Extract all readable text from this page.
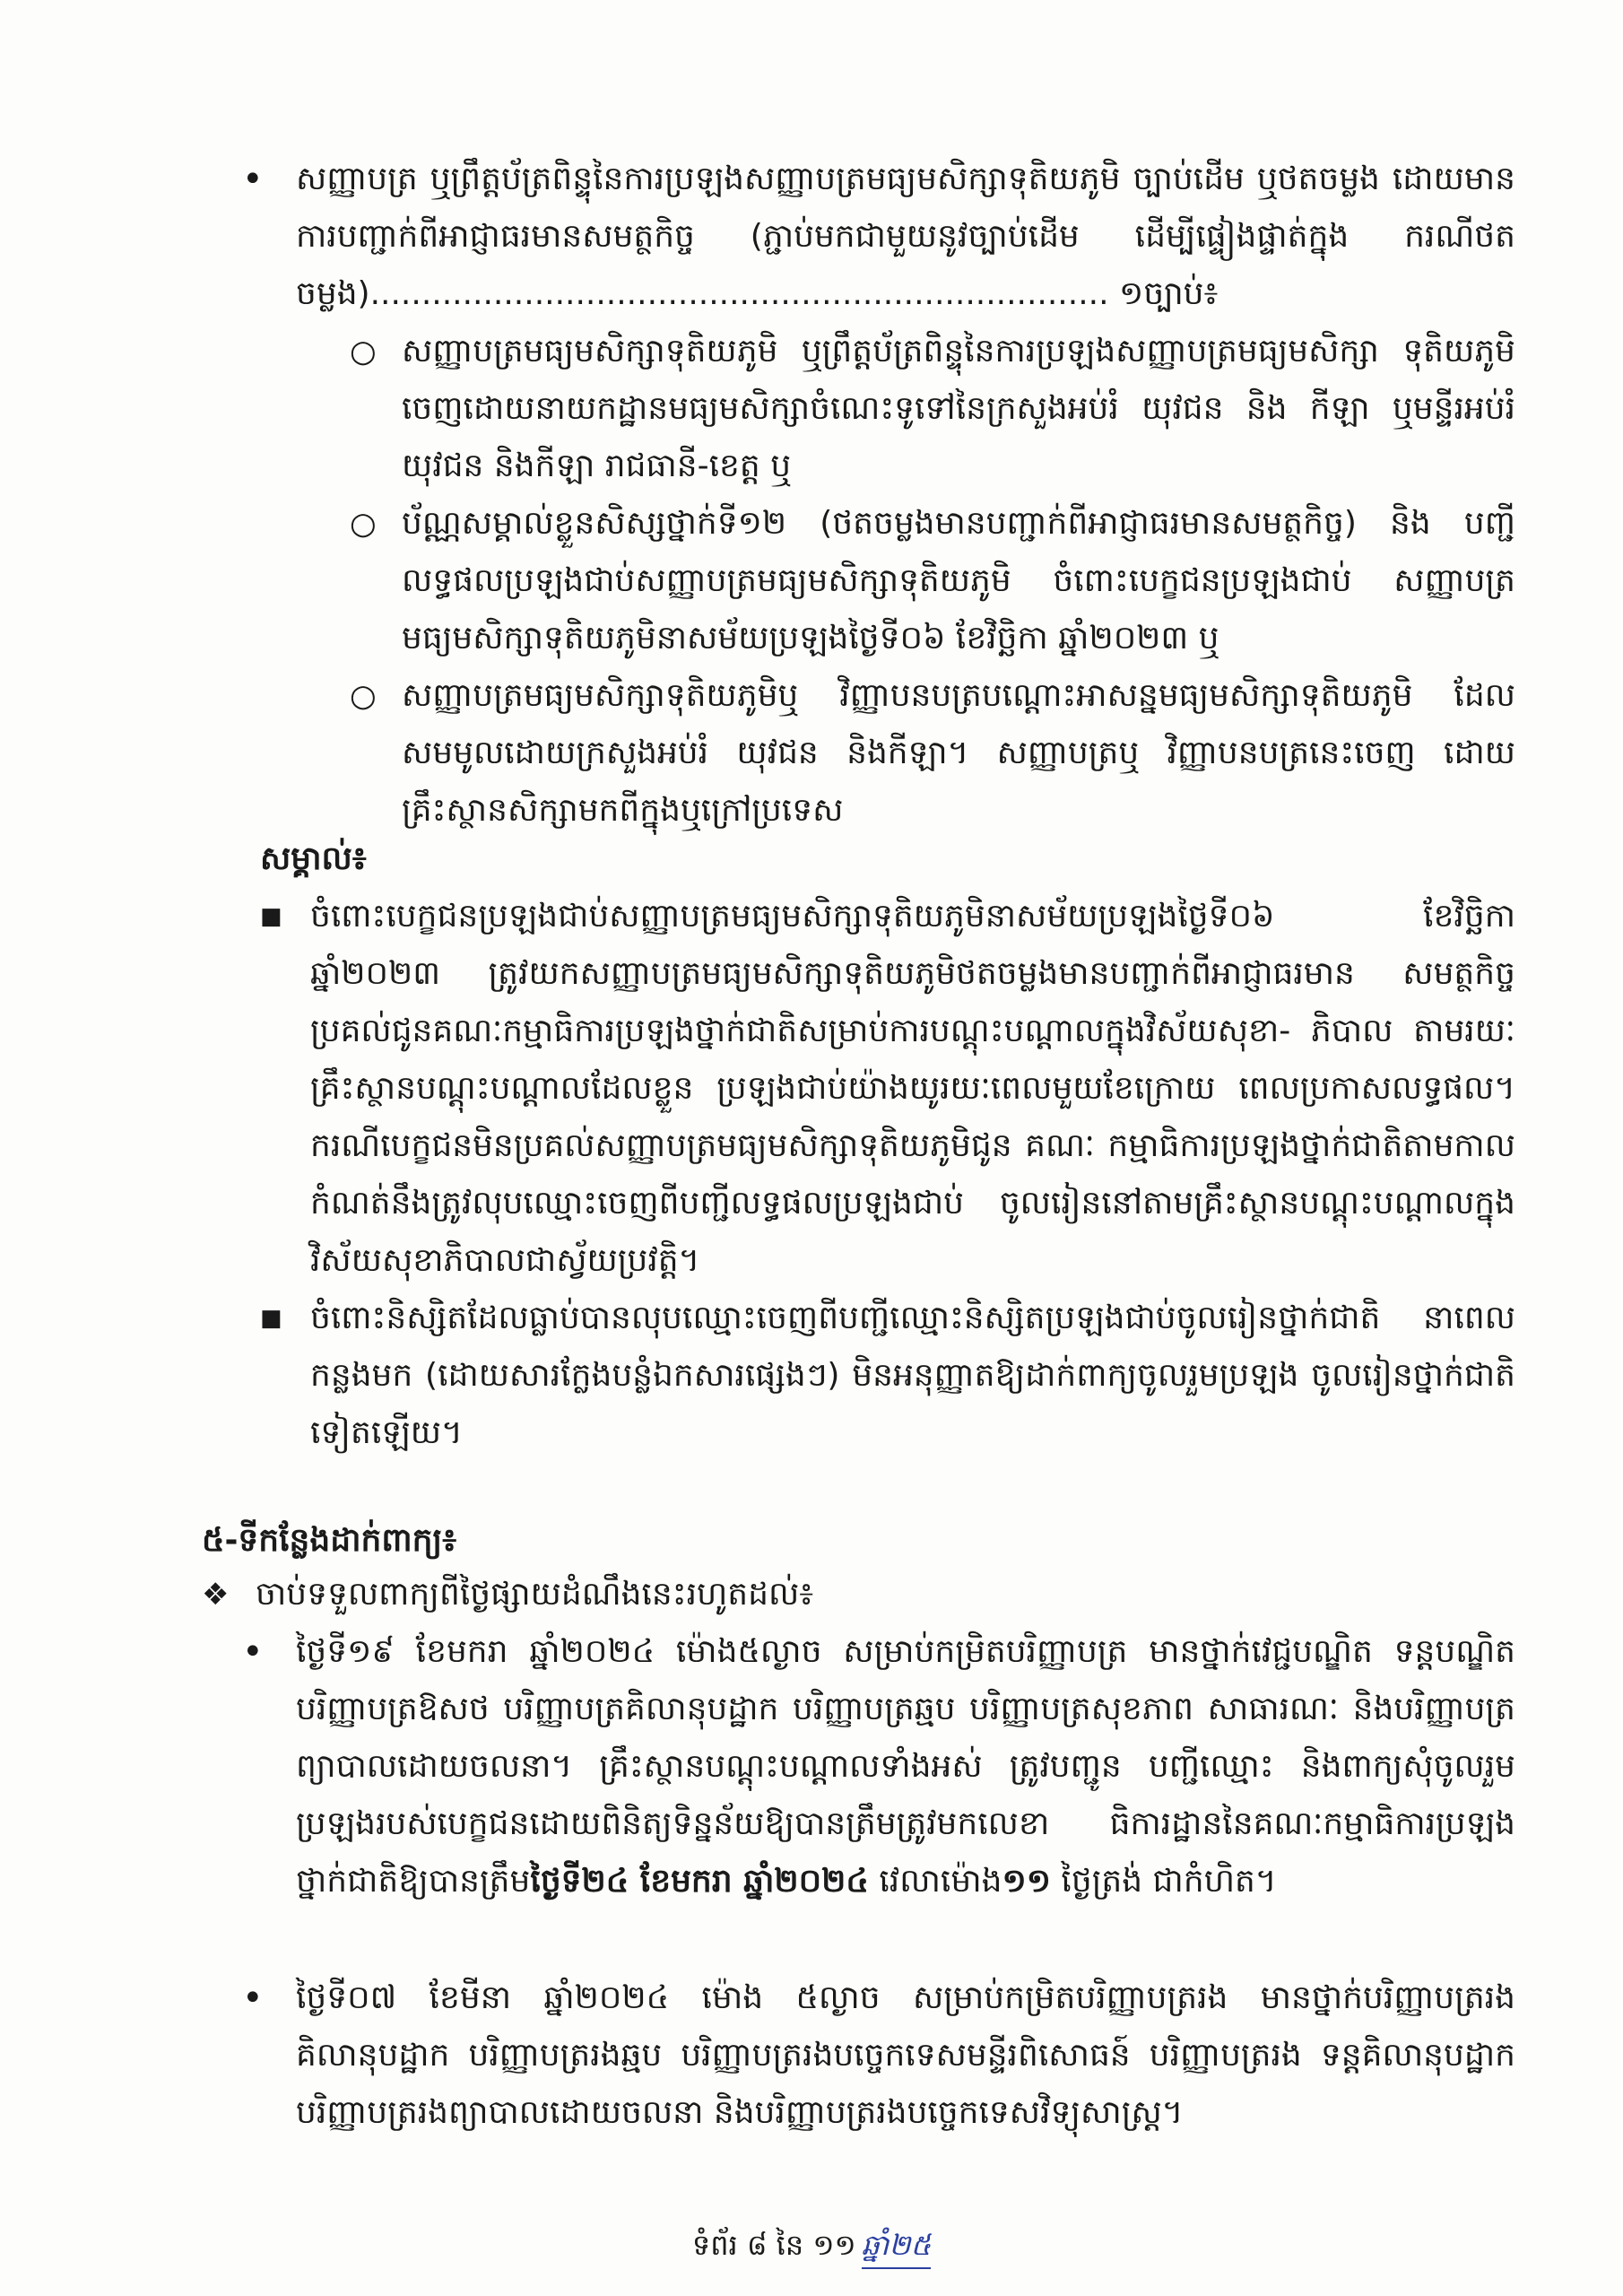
•	សញ្ញាបត្រ ឬព្រឹត្តប័ត្រពិន្ទុនៃការប្រឡងសញ្ញាបត្រមធ្យមសិក្សាទុតិយភូមិ ច្បាប់ដើម ឬថតចម្លង ដោយមានការបញ្ជាក់ពីអាជ្ញាធរមានសមត្ថកិច្ច (ភ្ជាប់មកជាមួយនូវច្បាប់ដើម ដើម្បីផ្ទៀងផ្ទាត់ក្នុង ករណីថតចម្លង)........................................................................ ១ច្បាប់៖
○ សញ្ញាបត្រមធ្យមសិក្សាទុតិយភូមិ ឬព្រឹត្តប័ត្រពិន្ទុនៃការប្រឡងសញ្ញាបត្រមធ្យមសិក្សា ទុតិយភូមិ ចេញដោយនាយកដ្ឋានមធ្យមសិក្សាចំណេះទូទៅនៃក្រសួងអប់រំ យុវជន និង កីឡា ឬមន្ទីរអប់រំ យុវជន និងកីឡា រាជធានី-ខេត្ត ឬ
○ ប័ណ្ណសម្គាល់ខ្លួនសិស្សថ្នាក់ទី១២ (ថតចម្លងមានបញ្ជាក់ពីអាជ្ញាធរមានសមត្ថកិច្ច) និង បញ្ជីលទ្ធផលប្រឡងជាប់សញ្ញាបត្រមធ្យមសិក្សាទុតិយភូមិ ចំពោះបេក្ខជនប្រឡងជាប់ សញ្ញាបត្រមធ្យមសិក្សាទុតិយភូមិនាសម័យប្រឡងថ្ងៃទី០៦ ខែវិច្ឆិកា ឆ្នាំ២០២៣ ឬ
○ សញ្ញាបត្រមធ្យមសិក្សាទុតិយភូមិឬ វិញ្ញាបនបត្របណ្ដោះអាសន្នមធ្យមសិក្សាទុតិយភូមិ ដែលសមមូលដោយក្រសួងអប់រំ យុវជន និងកីឡា។ សញ្ញាបត្រឬ វិញ្ញាបនបត្រនេះចេញ ដោយគ្រឹះស្ថានសិក្សាមកពីក្នុងឬក្រៅប្រទេស
សម្គាល់៖
■ ចំពោះបេក្ខជនប្រឡងជាប់សញ្ញាបត្រមធ្យមសិក្សាទុតិយភូមិនាសម័យប្រឡងថ្ងៃទី០៦ ខែវិច្ឆិកា ឆ្នាំ២០២៣ ត្រូវយកសញ្ញាបត្រមធ្យមសិក្សាទុតិយភូមិថតចម្លងមានបញ្ជាក់ពីអាជ្ញាធរមាន សមត្ថកិច្ចប្រគល់ជូនគណៈកម្មាធិការប្រឡងថ្នាក់ជាតិសម្រាប់ការបណ្ដុះបណ្ដាលក្នុងវិស័យសុខា- ភិបាល តាមរយៈគ្រឹះស្ថានបណ្ដុះបណ្ដាលដែលខ្លួន ប្រឡងជាប់យ៉ាងយូរយៈពេលមួយខែក្រោយ ពេលប្រកាសលទ្ធផល។ ករណីបេក្ខជនមិនប្រគល់សញ្ញាបត្រមធ្យមសិក្សាទុតិយភូមិជូន គណៈ កម្មាធិការប្រឡងថ្នាក់ជាតិតាមកាលកំណត់នឹងត្រូវលុបឈ្មោះចេញពីបញ្ជីលទ្ធផលប្រឡងជាប់ ចូលរៀននៅតាមគ្រឹះស្ថានបណ្ដុះបណ្ដាលក្នុងវិស័យសុខាភិបាលជាស្វ័យប្រវត្តិ។
■ ចំពោះនិស្សិតដែលធ្លាប់បានលុបឈ្មោះចេញពីបញ្ជីឈ្មោះនិស្សិតប្រឡងជាប់ចូលរៀនថ្នាក់ជាតិ នាពេលកន្លងមក (ដោយសារក្លែងបន្លំឯកសារផ្សេងៗ) មិនអនុញ្ញាតឱ្យដាក់ពាក្យចូលរួមប្រឡង ចូលរៀនថ្នាក់ជាតិទៀតឡើយ។
៥-ទីកន្លែងដាក់ពាក្យ៖
❖ ចាប់ទទួលពាក្យពីថ្ងៃផ្សាយដំណឹងនេះរហូតដល់៖
•	ថ្ងៃទី១៩ ខែមករា ឆ្នាំ២០២៤ ម៉ោង៥ល្ងាច សម្រាប់កម្រិតបរិញ្ញាបត្រ មានថ្នាក់វេជ្ជបណ្ឌិត ទន្តបណ្ឌិត បរិញ្ញាបត្រឱសថ បរិញ្ញាបត្រគិលានុបដ្ឋាក បរិញ្ញាបត្រឆ្មប បរិញ្ញាបត្រសុខភាព សាធារណៈ និងបរិញ្ញាបត្រព្យាបាលដោយចលនា។ គ្រឹះស្ថានបណ្ដុះបណ្ដាលទាំងអស់ ត្រូវបញ្ជូន បញ្ជីឈ្មោះ និងពាក្យសុំចូលរួមប្រឡងរបស់បេក្ខជនដោយពិនិត្យទិន្នន័យឱ្យបានត្រឹមត្រូវមកលេខា ធិការដ្ឋាននៃគណៈកម្មាធិការប្រឡងថ្នាក់ជាតិឱ្យបានត្រឹមថ្ងៃទី២៤ ខែមករា ឆ្នាំ២០២៤ វេលាម៉ោង១១ ថ្ងៃត្រង់ ជាកំហិត។
•	ថ្ងៃទី០៧ ខែមីនា ឆ្នាំ២០២៤ ម៉ោង ៥ល្ងាច សម្រាប់កម្រិតបរិញ្ញាបត្ររង មានថ្នាក់បរិញ្ញាបត្ររង គិលានុបដ្ឋាក បរិញ្ញាបត្ររងឆ្មប បរិញ្ញាបត្ររងបច្ចេកទេសមន្ទីរពិសោធន៍ បរិញ្ញាបត្ររង ទន្តគិលានុបដ្ឋាក បរិញ្ញាបត្ររងព្យាបាលដោយចលនា និងបរិញ្ញាបត្ររងបច្ចេកទេសវិទ្យុសាស្ត្រ។
ទំព័រ ៨ នៃ ១១ ឆ្នាំ២៥
